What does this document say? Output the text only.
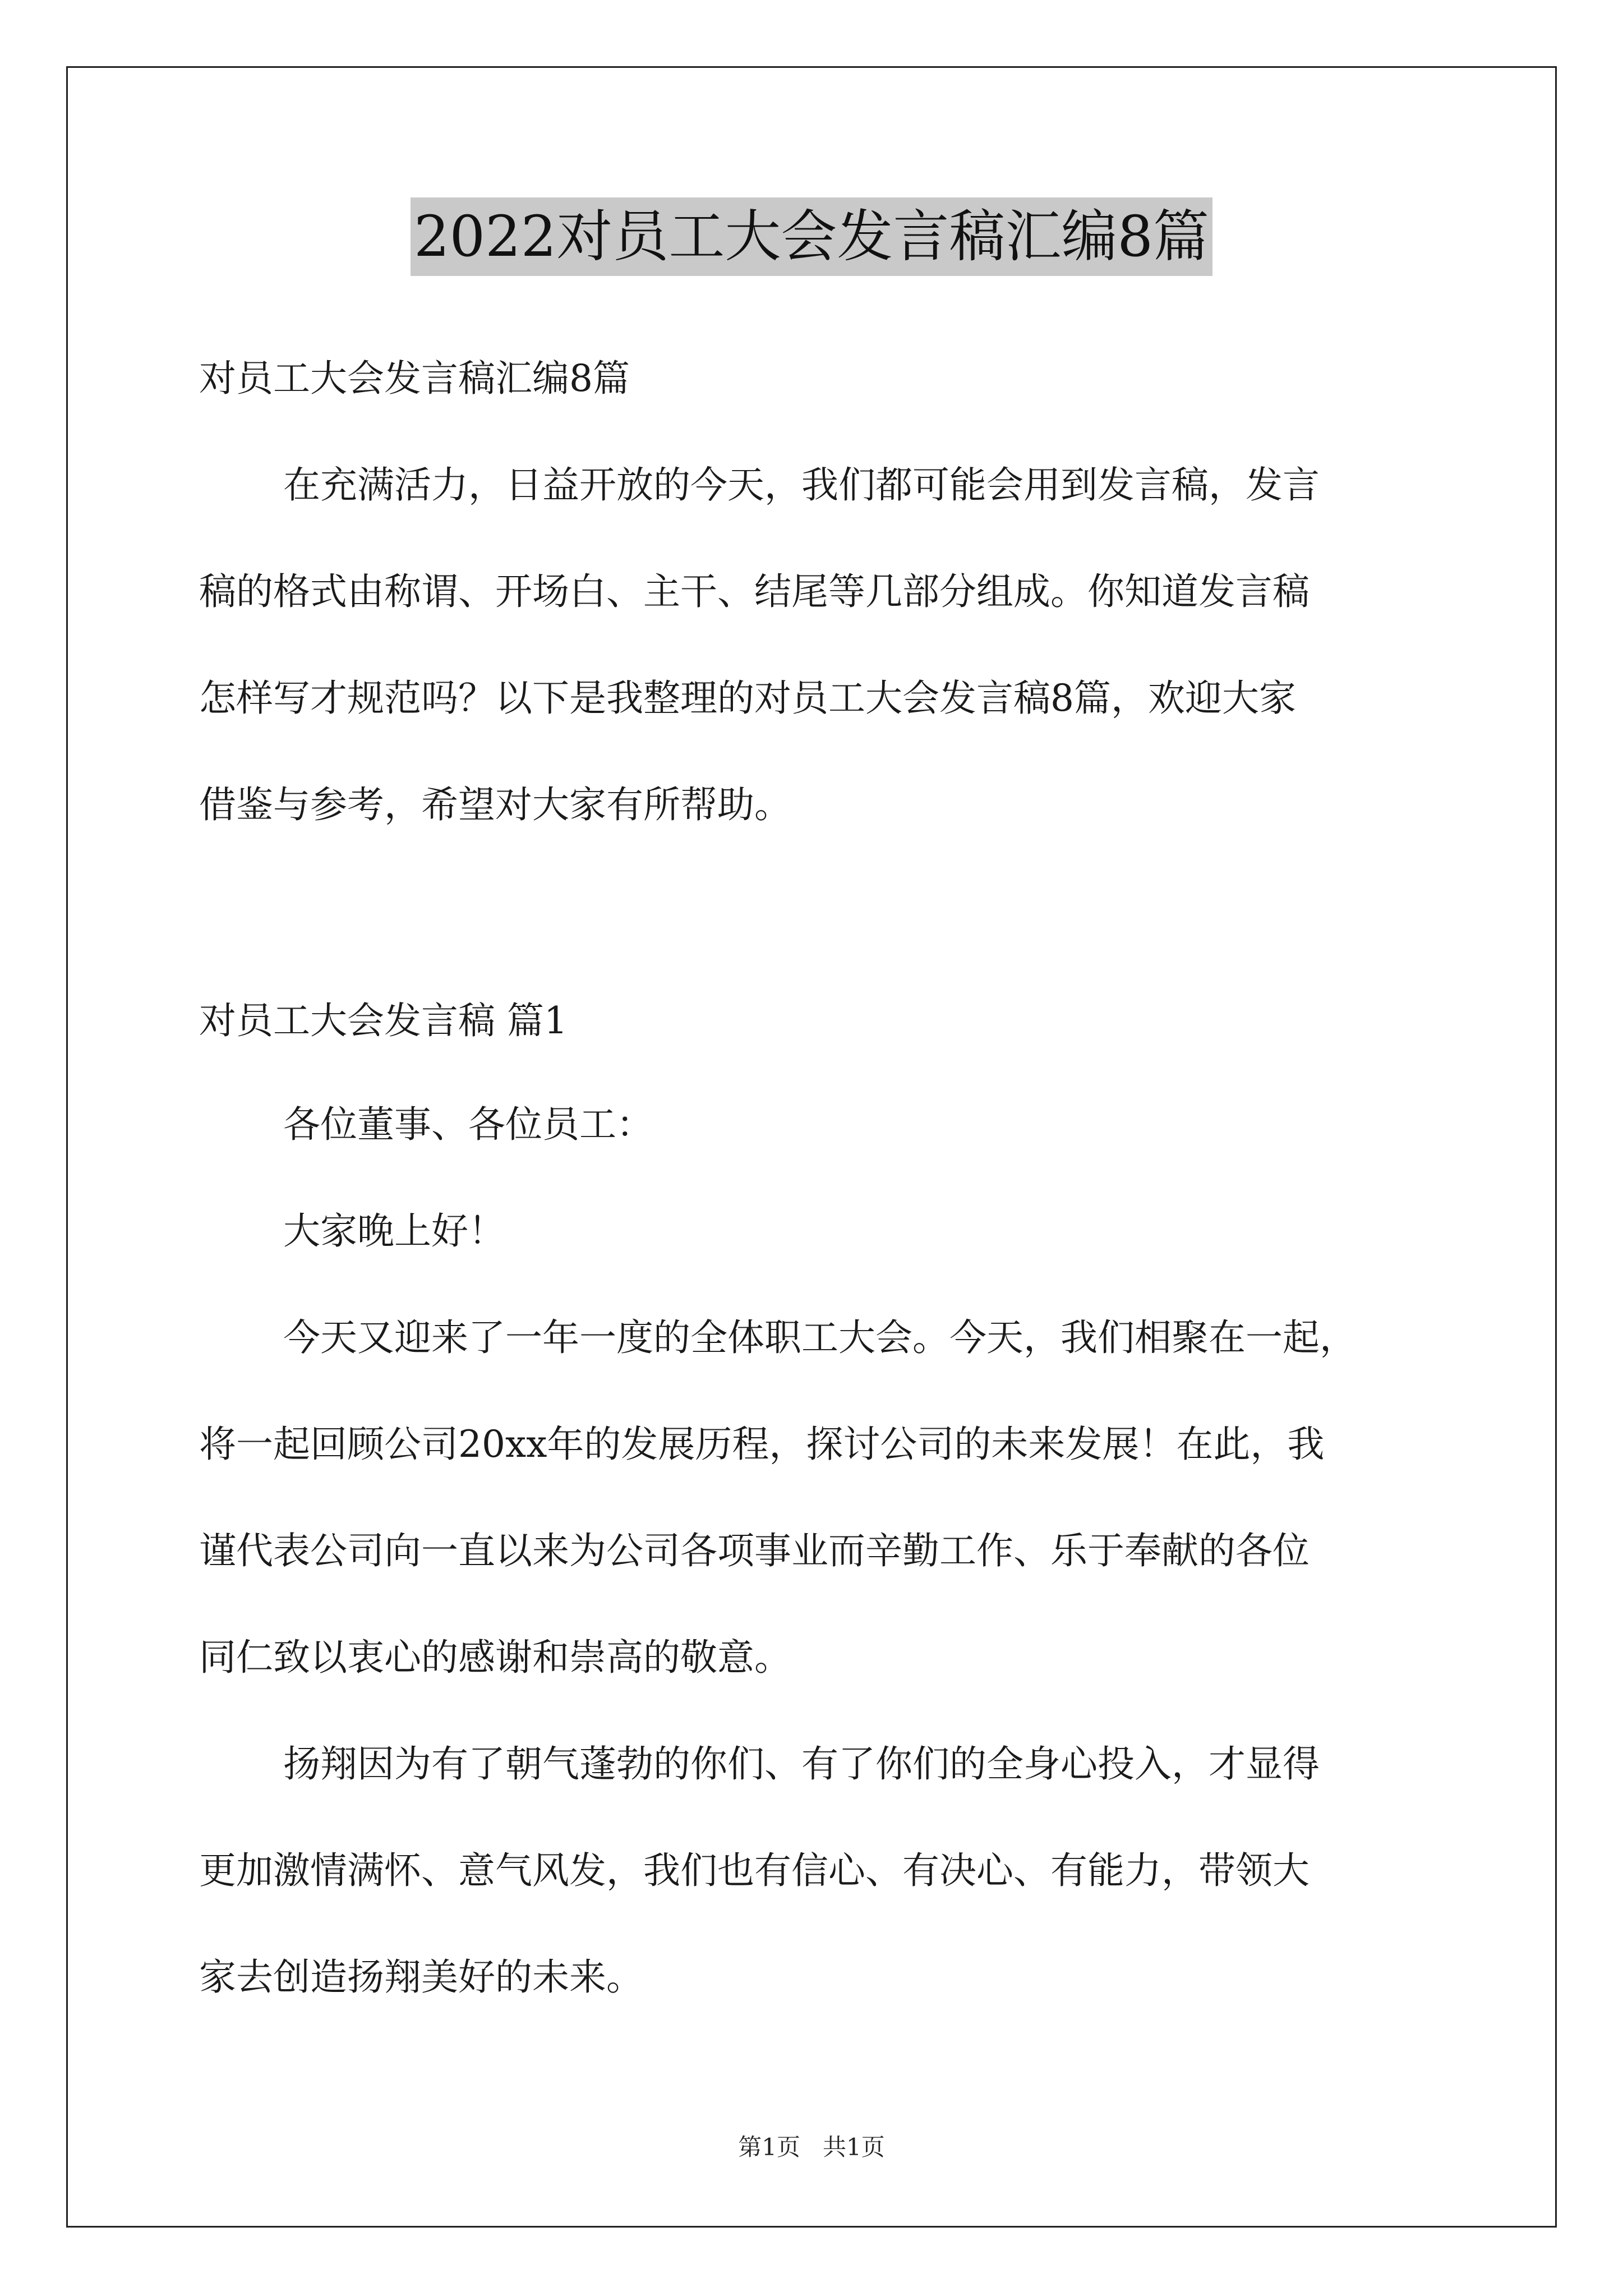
2022对员工大会发言稿汇编8篇

对员工大会发言稿汇编8篇

在充满活力，日益开放的今天，我们都可能会用到发言稿，发言

稿的格式由称谓、开场白、主干、结尾等几部分组成。你知道发言稿

怎样写才规范吗？以下是我整理的对员工大会发言稿8篇，欢迎大家

借鉴与参考，希望对大家有所帮助。

对员工大会发言稿 篇1

各位董事、各位员工：

大家晚上好！

今天又迎来了一年一度的全体职工大会。今天，我们相聚在一起，

将一起回顾公司20xx年的发展历程，探讨公司的未来发展！在此，我

谨代表公司向一直以来为公司各项事业而辛勤工作、乐于奉献的各位

同仁致以衷心的感谢和崇高的敬意。

扬翔因为有了朝气蓬勃的你们、有了你们的全身心投入，才显得

更加激情满怀、意气风发，我们也有信心、有决心、有能力，带领大

家去创造扬翔美好的未来。

第1页   共1页
